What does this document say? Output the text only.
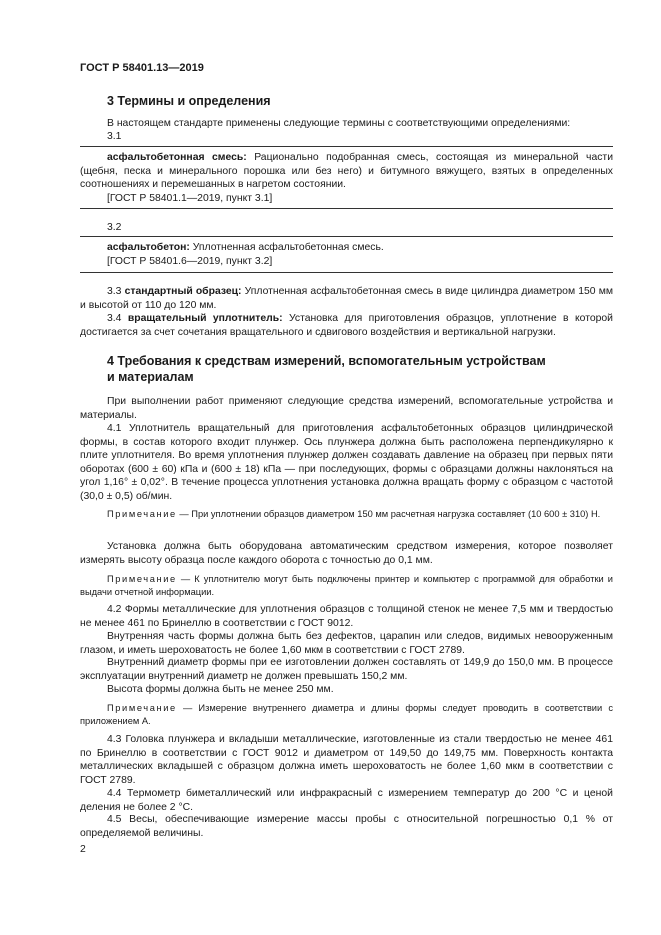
ГОСТ Р 58401.13—2019
3 Термины и определения
В настоящем стандарте применены следующие термины с соответствующими определениями:
3.1
асфальтобетонная смесь: Рационально подобранная смесь, состоящая из минеральной части (щебня, песка и минерального порошка или без него) и битумного вяжущего, взятых в определенных соотношениях и перемешанных в нагретом состоянии.
[ГОСТ Р 58401.1—2019, пункт 3.1]
3.2
асфальтобетон: Уплотненная асфальтобетонная смесь.
[ГОСТ Р 58401.6—2019, пункт 3.2]
3.3 стандартный образец: Уплотненная асфальтобетонная смесь в виде цилиндра диаметром 150 мм и высотой от 110 до 120 мм.
3.4 вращательный уплотнитель: Установка для приготовления образцов, уплотнение в которой достигается за счет сочетания вращательного и сдвигового воздействия и вертикальной нагрузки.
4 Требования к средствам измерений, вспомогательным устройствам
и материалам
При выполнении работ применяют следующие средства измерений, вспомогательные устройства и материалы.
4.1 Уплотнитель вращательный для приготовления асфальтобетонных образцов цилиндрической формы, в состав которого входит плунжер. Ось плунжера должна быть расположена перпендикулярно к плите уплотнителя. Во время уплотнения плунжер должен создавать давление на образец при первых пяти оборотах (600 ± 60) кПа и (600 ± 18) кПа — при последующих, формы с образцами должны наклоняться на угол 1,16° ± 0,02°. В течение процесса уплотнения установка должна вращать форму с образцом с частотой (30,0 ± 0,5) об/мин.
Примечание — При уплотнении образцов диаметром 150 мм расчетная нагрузка составляет (10 600 ± 310) Н.
Установка должна быть оборудована автоматическим средством измерения, которое позволяет измерять высоту образца после каждого оборота с точностью до 0,1 мм.
Примечание — К уплотнителю могут быть подключены принтер и компьютер с программой для обработки и выдачи отчетной информации.
4.2 Формы металлические для уплотнения образцов с толщиной стенок не менее 7,5 мм и твердостью не менее 461 по Бринеллю в соответствии с ГОСТ 9012.
Внутренняя часть формы должна быть без дефектов, царапин или следов, видимых невооруженным глазом, и иметь шероховатость не более 1,60 мкм в соответствии с ГОСТ 2789.
Внутренний диаметр формы при ее изготовлении должен составлять от 149,9 до 150,0 мм. В процессе эксплуатации внутренний диаметр не должен превышать 150,2 мм.
Высота формы должна быть не менее 250 мм.
Примечание — Измерение внутреннего диаметра и длины формы следует проводить в соответствии с приложением А.
4.3 Головка плунжера и вкладыши металлические, изготовленные из стали твердостью не менее 461 по Бринеллю в соответствии с ГОСТ 9012 и диаметром от 149,50 до 149,75 мм. Поверхность контакта металлических вкладышей с образцом должна иметь шероховатость не более 1,60 мкм в соответствии с ГОСТ 2789.
4.4 Термометр биметаллический или инфракрасный с измерением температур до 200 °С и ценой деления не более 2 °С.
4.5 Весы, обеспечивающие измерение массы пробы с относительной погрешностью 0,1 % от определяемой величины.
2
